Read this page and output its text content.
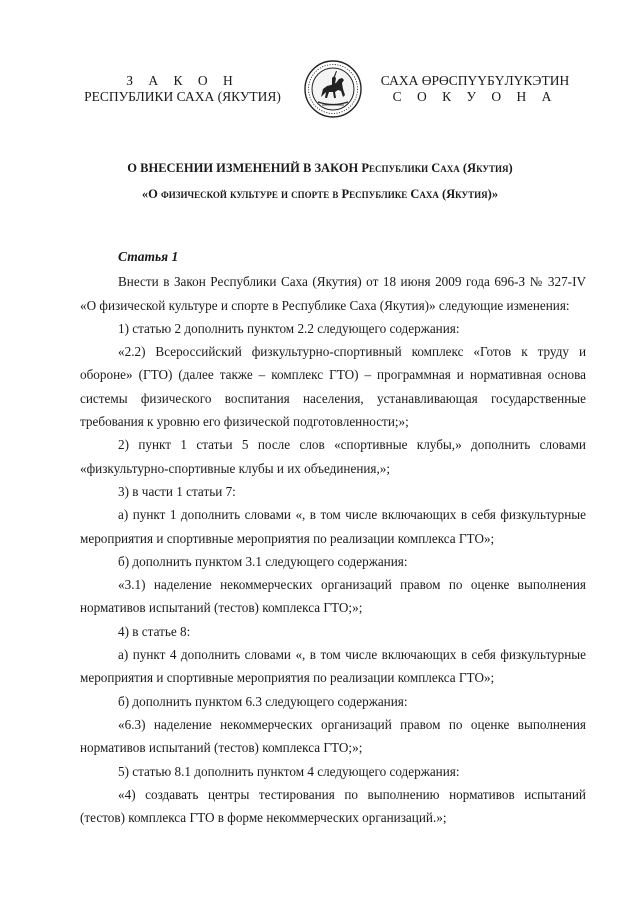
З А К О Н
РЕСПУБЛИКИ САХА (ЯКУТИЯ)
САХА ӨРӨСПҮҮБҮЛҮКЭТИН
С О К У О Н А
О ВНЕСЕНИИ ИЗМЕНЕНИЙ В ЗАКОН Республики Саха (Якутия)
«О физической культуре и спорте в Республике Саха (Якутия)»
Статья 1

Внести в Закон Республики Саха (Якутия) от 18 июня 2009 года 696-З № 327-IV «О физической культуре и спорте в Республике Саха (Якутия)» следующие изменения:

1) статью 2 дополнить пунктом 2.2 следующего содержания:

«2.2) Всероссийский физкультурно-спортивный комплекс «Готов к труду и обороне» (ГТО) (далее также – комплекс ГТО) – программная и нормативная основа системы физического воспитания населения, устанавливающая государственные требования к уровню его физической подготовленности;»;

2) пункт 1 статьи 5 после слов «спортивные клубы,» дополнить словами «физкультурно-спортивные клубы и их объединения,»;

3) в части 1 статьи 7:

а) пункт 1 дополнить словами «, в том числе включающих в себя физкультурные мероприятия и спортивные мероприятия по реализации комплекса ГТО»;

б) дополнить пунктом 3.1 следующего содержания:

«3.1) наделение некоммерческих организаций правом по оценке выполнения нормативов испытаний (тестов) комплекса ГТО;»;

4) в статье 8:

а) пункт 4 дополнить словами «, в том числе включающих в себя физкультурные мероприятия и спортивные мероприятия по реализации комплекса ГТО»;

б) дополнить пунктом 6.3 следующего содержания:

«6.3) наделение некоммерческих организаций правом по оценке выполнения нормативов испытаний (тестов) комплекса ГТО;»;

5) статью 8.1 дополнить пунктом 4 следующего содержания:

«4) создавать центры тестирования по выполнению нормативов испытаний (тестов) комплекса ГТО в форме некоммерческих организаций.»;
